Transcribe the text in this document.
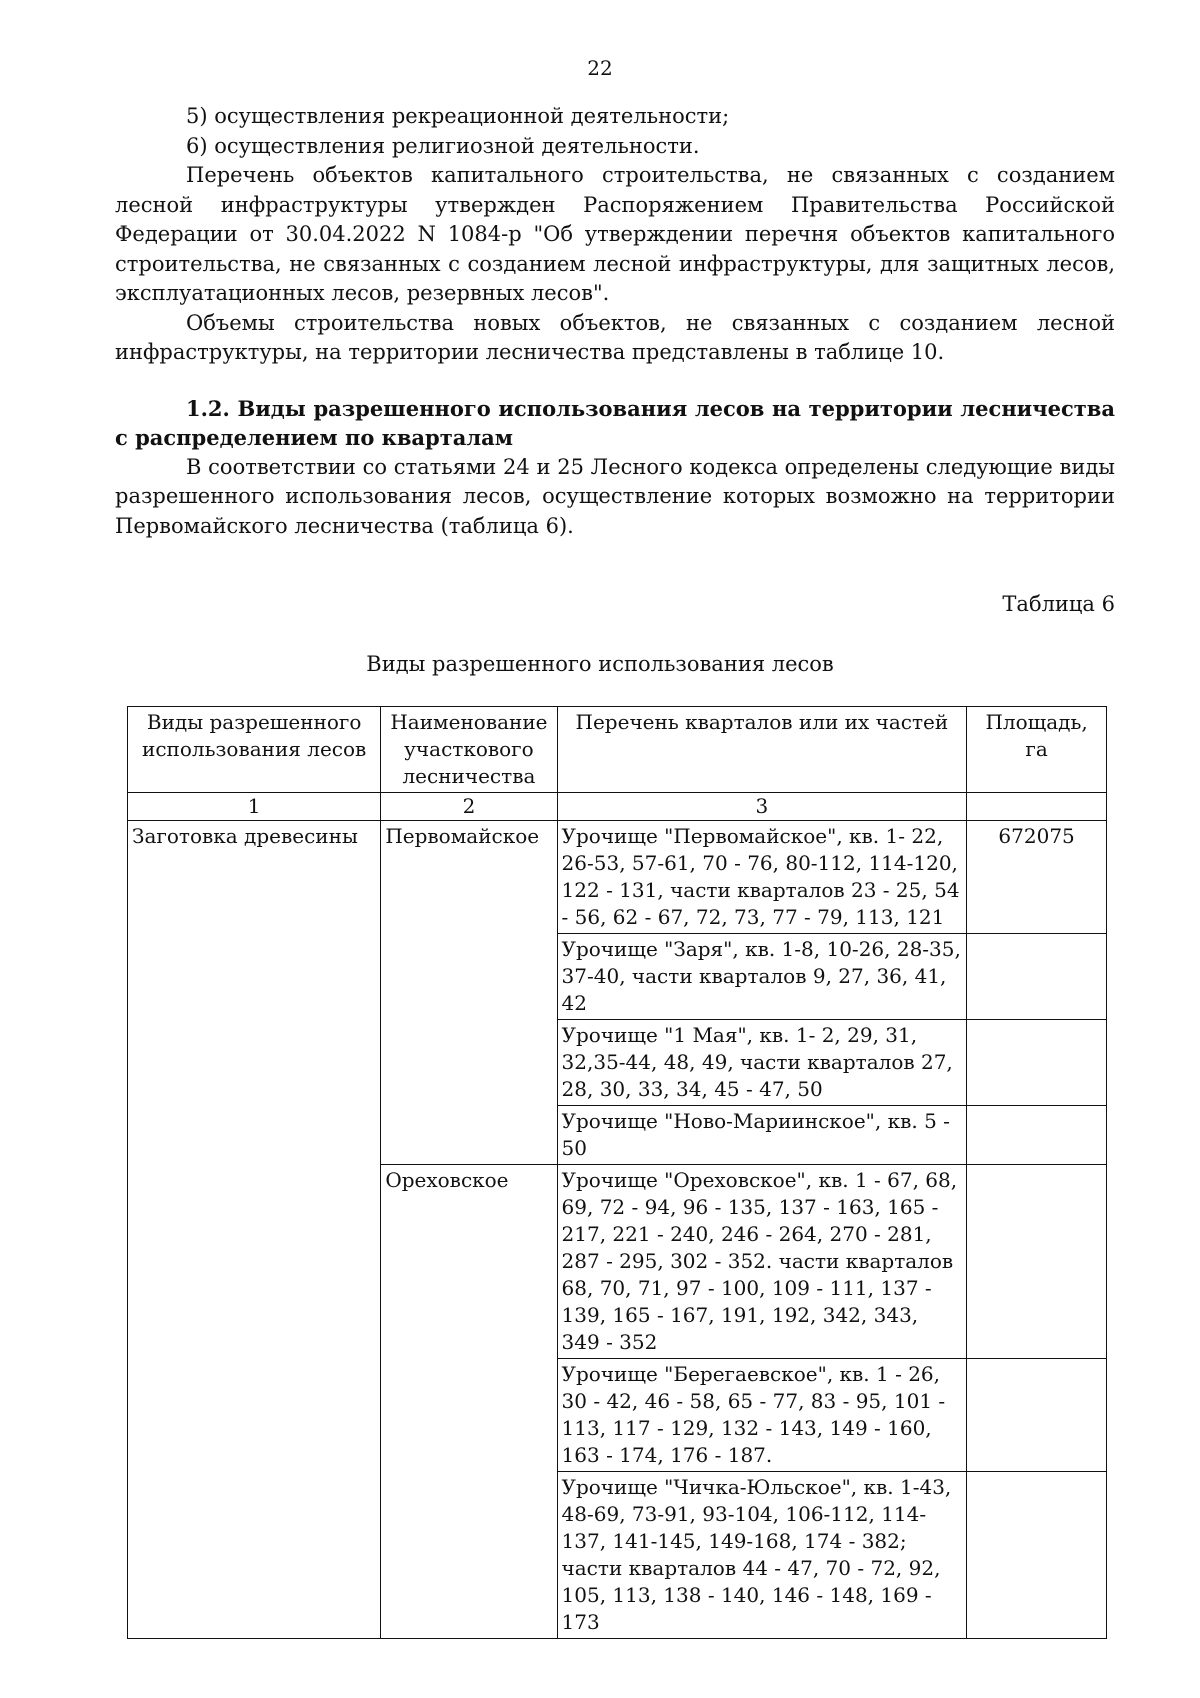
22

5) осуществления рекреационной деятельности;

6) осуществления религиозной деятельности.

Перечень объектов капитального строительства, не связанных с созданием лесной инфраструктуры утвержден Распоряжением Правительства Российской Федерации от 30.04.2022 N 1084-р "Об утверждении перечня объектов капитального строительства, не связанных с созданием лесной инфраструктуры, для защитных лесов, эксплуатационных лесов, резервных лесов".

Объемы строительства новых объектов, не связанных с созданием лесной инфраструктуры, на территории лесничества представлены в таблице 10.

1.2. Виды разрешенного использования лесов на территории лесничества с распределением по кварталам

В соответствии со статьями 24 и 25 Лесного кодекса определены следующие виды разрешенного использования лесов, осуществление которых возможно на территории Первомайского лесничества (таблица 6).

Таблица 6
Виды разрешенного использования лесов
Виды разрешенного использования лесов	Наименование участкового лесничества	Перечень кварталов или их частей	Площадь, га
1	2	3	
Заготовка древесины	Первомайское	Урочище "Первомайское", кв. 1- 22, 26-53, 57-61, 70 - 76, 80-112, 114-120, 122 - 131, части кварталов 23 - 25, 54 - 56, 62 - 67, 72, 73, 77 - 79, 113, 121	672075
		Урочище "Заря", кв. 1-8, 10-26, 28-35, 37-40, части кварталов 9, 27, 36, 41, 42	
		Урочище "1 Мая", кв. 1- 2, 29, 31, 32,35-44, 48, 49, части кварталов 27, 28, 30, 33, 34, 45 - 47, 50	
		Урочище "Ново-Мариинское", кв. 5 - 50	
	Ореховское	Урочище "Ореховское", кв. 1 - 67, 68, 69, 72 - 94, 96 - 135, 137 - 163, 165 - 217, 221 - 240, 246 - 264, 270 - 281, 287 - 295, 302 - 352. части кварталов 68, 70, 71, 97 - 100, 109 - 111, 137 - 139, 165 - 167, 191, 192, 342, 343, 349 - 352	
		Урочище "Берегаевское", кв. 1 - 26, 30 - 42, 46 - 58, 65 - 77, 83 - 95, 101 - 113, 117 - 129, 132 - 143, 149 - 160, 163 - 174, 176 - 187.	
		Урочище "Чичка-Юльское", кв. 1-43, 48-69, 73-91, 93-104, 106-112, 114-137, 141-145, 149-168, 174 - 382; части кварталов 44 - 47, 70 - 72, 92, 105, 113, 138 - 140, 146 - 148, 169 - 173	
